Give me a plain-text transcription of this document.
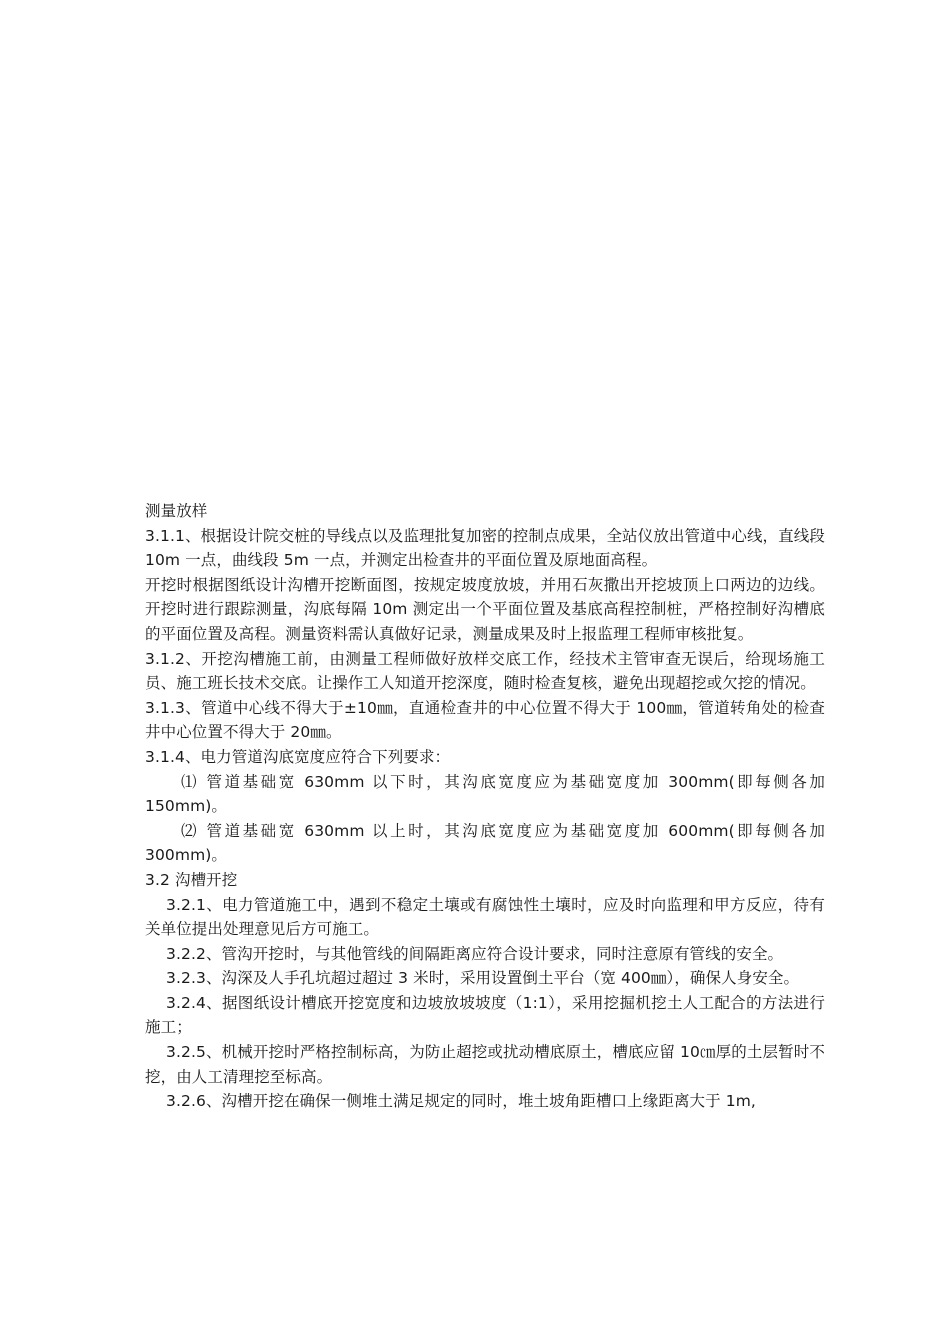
测量放样

3.1.1、根据设计院交桩的导线点以及监理批复加密的控制点成果，全站仪放出管道中心线，直线段 10m 一点，曲线段 5m 一点，并测定出检查井的平面位置及原地面高程。

开挖时根据图纸设计沟槽开挖断面图，按规定坡度放坡，并用石灰撒出开挖坡顶上口两边的边线。开挖时进行跟踪测量，沟底每隔 10m 测定出一个平面位置及基底高程控制桩，严格控制好沟槽底的平面位置及高程。测量资料需认真做好记录，测量成果及时上报监理工程师审核批复。

3.1.2、开挖沟槽施工前，由测量工程师做好放样交底工作，经技术主管审查无误后，给现场施工员、施工班长技术交底。让操作工人知道开挖深度，随时检查复核，避免出现超挖或欠挖的情况。

3.1.3、管道中心线不得大于±10㎜，直通检查井的中心位置不得大于 100㎜，管道转角处的检查井中心位置不得大于 20㎜。

3.1.4、电力管道沟底宽度应符合下列要求：

⑴ 管道基础宽 630mm 以下时，其沟底宽度应为基础宽度加 300mm(即每侧各加150mm)。

⑵ 管道基础宽 630mm 以上时，其沟底宽度应为基础宽度加 600mm(即每侧各加300mm)。

3.2 沟槽开挖

3.2.1、电力管道施工中，遇到不稳定土壤或有腐蚀性土壤时，应及时向监理和甲方反应，待有关单位提出处理意见后方可施工。

3.2.2、管沟开挖时，与其他管线的间隔距离应符合设计要求，同时注意原有管线的安全。

3.2.3、沟深及人手孔坑超过超过 3 米时，采用设置倒土平台（宽 400㎜），确保人身安全。

3.2.4、据图纸设计槽底开挖宽度和边坡放坡坡度（1:1），采用挖掘机挖土人工配合的方法进行施工；

3.2.5、机械开挖时严格控制标高，为防止超挖或扰动槽底原土，槽底应留 10㎝厚的土层暂时不挖，由人工清理挖至标高。

3.2.6、沟槽开挖在确保一侧堆土满足规定的同时，堆土坡角距槽口上缘距离大于 1m,
